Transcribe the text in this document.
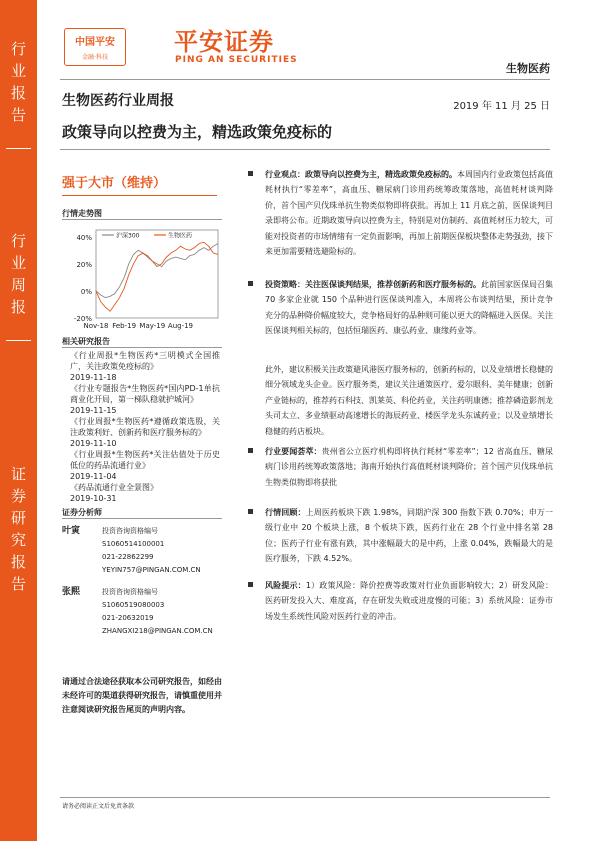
行
业
报
告
行
业
周
报
证
券
研
究
报
告
中国平安
金融·科技
平安证券
PING AN SECURITIES
生物医药
生物医药行业周报	2019 年 11 月 25 日
政策导向以控费为主，精选政策免疫标的
强于大市（维持）
行情走势图
40%
20%
0%
-20%
Nov-18 Feb-19 May-19 Aug-19
沪深300	生物医药
相关研究报告
《行业周报*生物医药*三明模式全国推广，关注政策免疫标的》
2019-11-18
《行业专题报告*生物医药*国内PD-1单抗商业化开局，第一梯队稳就护城河》
2019-11-15
《行业周报*生物医药*遵循政策选股，关注政策利好、创新药和医疗服务标的》
2019-11-10
《行业周报*生物医药*关注估值处于历史低位的药品流通行业》
2019-11-04
《药品流通行业全景图》
2019-10-31
证券分析师
叶寅	投资咨询资格编号
S1060514100001
021-22862299
YEYIN757@PINGAN.COM.CN
张熙	投资咨询资格编号
S1060519080003
021-20632019
ZHANGXI218@PINGAN.COM.CN
请通过合法途径获取本公司研究报告，如经由未经许可的渠道获得研究报告，请慎重使用并注意阅读研究报告尾页的声明内容。
行业观点：政策导向以控费为主，精选政策免疫标的。本周国内行业政策包括高值耗材执行“零差率”，高血压、糖尿病门诊用药统筹政策落地，高值耗材谈判降价，首个国产贝伐珠单抗生物类似物即将获批。再加上 11 月底之前，医保谈判目录即将公布。近期政策导向以控费为主，特别是对仿制药、高值耗材压力较大，可能对投资者的市场情绪有一定负面影响，再加上前期医保板块整体走势强劲，接下来更加需要精选避险标的。
投资策略：关注医保谈判结果，推荐创新药和医疗服务标的。此前国家医保局召集 70 多家企业就 150 个品种进行医保谈判准入，本周将公布谈判结果，预计竞争充分的品种降价幅度较大，竞争格局好的品种则可能以更大的降幅进入医保。关注医保谈判相关标的，包括恒瑞医药、康弘药业、康缘药业等。
此外，建议积极关注政策避风港医疗服务标的，创新药标的，以及业绩增长稳健的细分领域龙头企业。医疗服务类，建议关注通策医疗、爱尔眼科、美年健康；创新产业链标的，推荐药石科技、凯莱英、科伦药业，关注药明康德；推荐磷造影剂龙头司太立、多业绩驱动高速增长的海辰药业、楼医学龙头东诚药业；以及业绩增长稳健的药店板块。
行业要闻荟萃：贵州省公立医疗机构即将执行耗材“零差率”；12 省高血压、糖尿病门诊用药统筹政策落地；海南开始执行高值耗材谈判降价；首个国产贝伐珠单抗生物类似物即将获批
行情回顾：上周医药板块下跌 1.98%，同期沪深 300 指数下跌 0.70%；申万一级行业中 20 个板块上涨，8 个板块下跌，医药行业在 28 个行业中排名第 28 位；医药子行业有涨有跌，其中涨幅最大的是中药，上涨 0.04%，跌幅最大的是医疗服务，下跌 4.52%。
风险提示：1）政策风险：降价控费等政策对行业负面影响较大；2）研发风险：医药研发投入大、难度高，存在研发失败或进度慢的可能；3）系统风险：证券市场发生系统性风险对医药行业的冲击。
请务必阅读正文后免责条款
